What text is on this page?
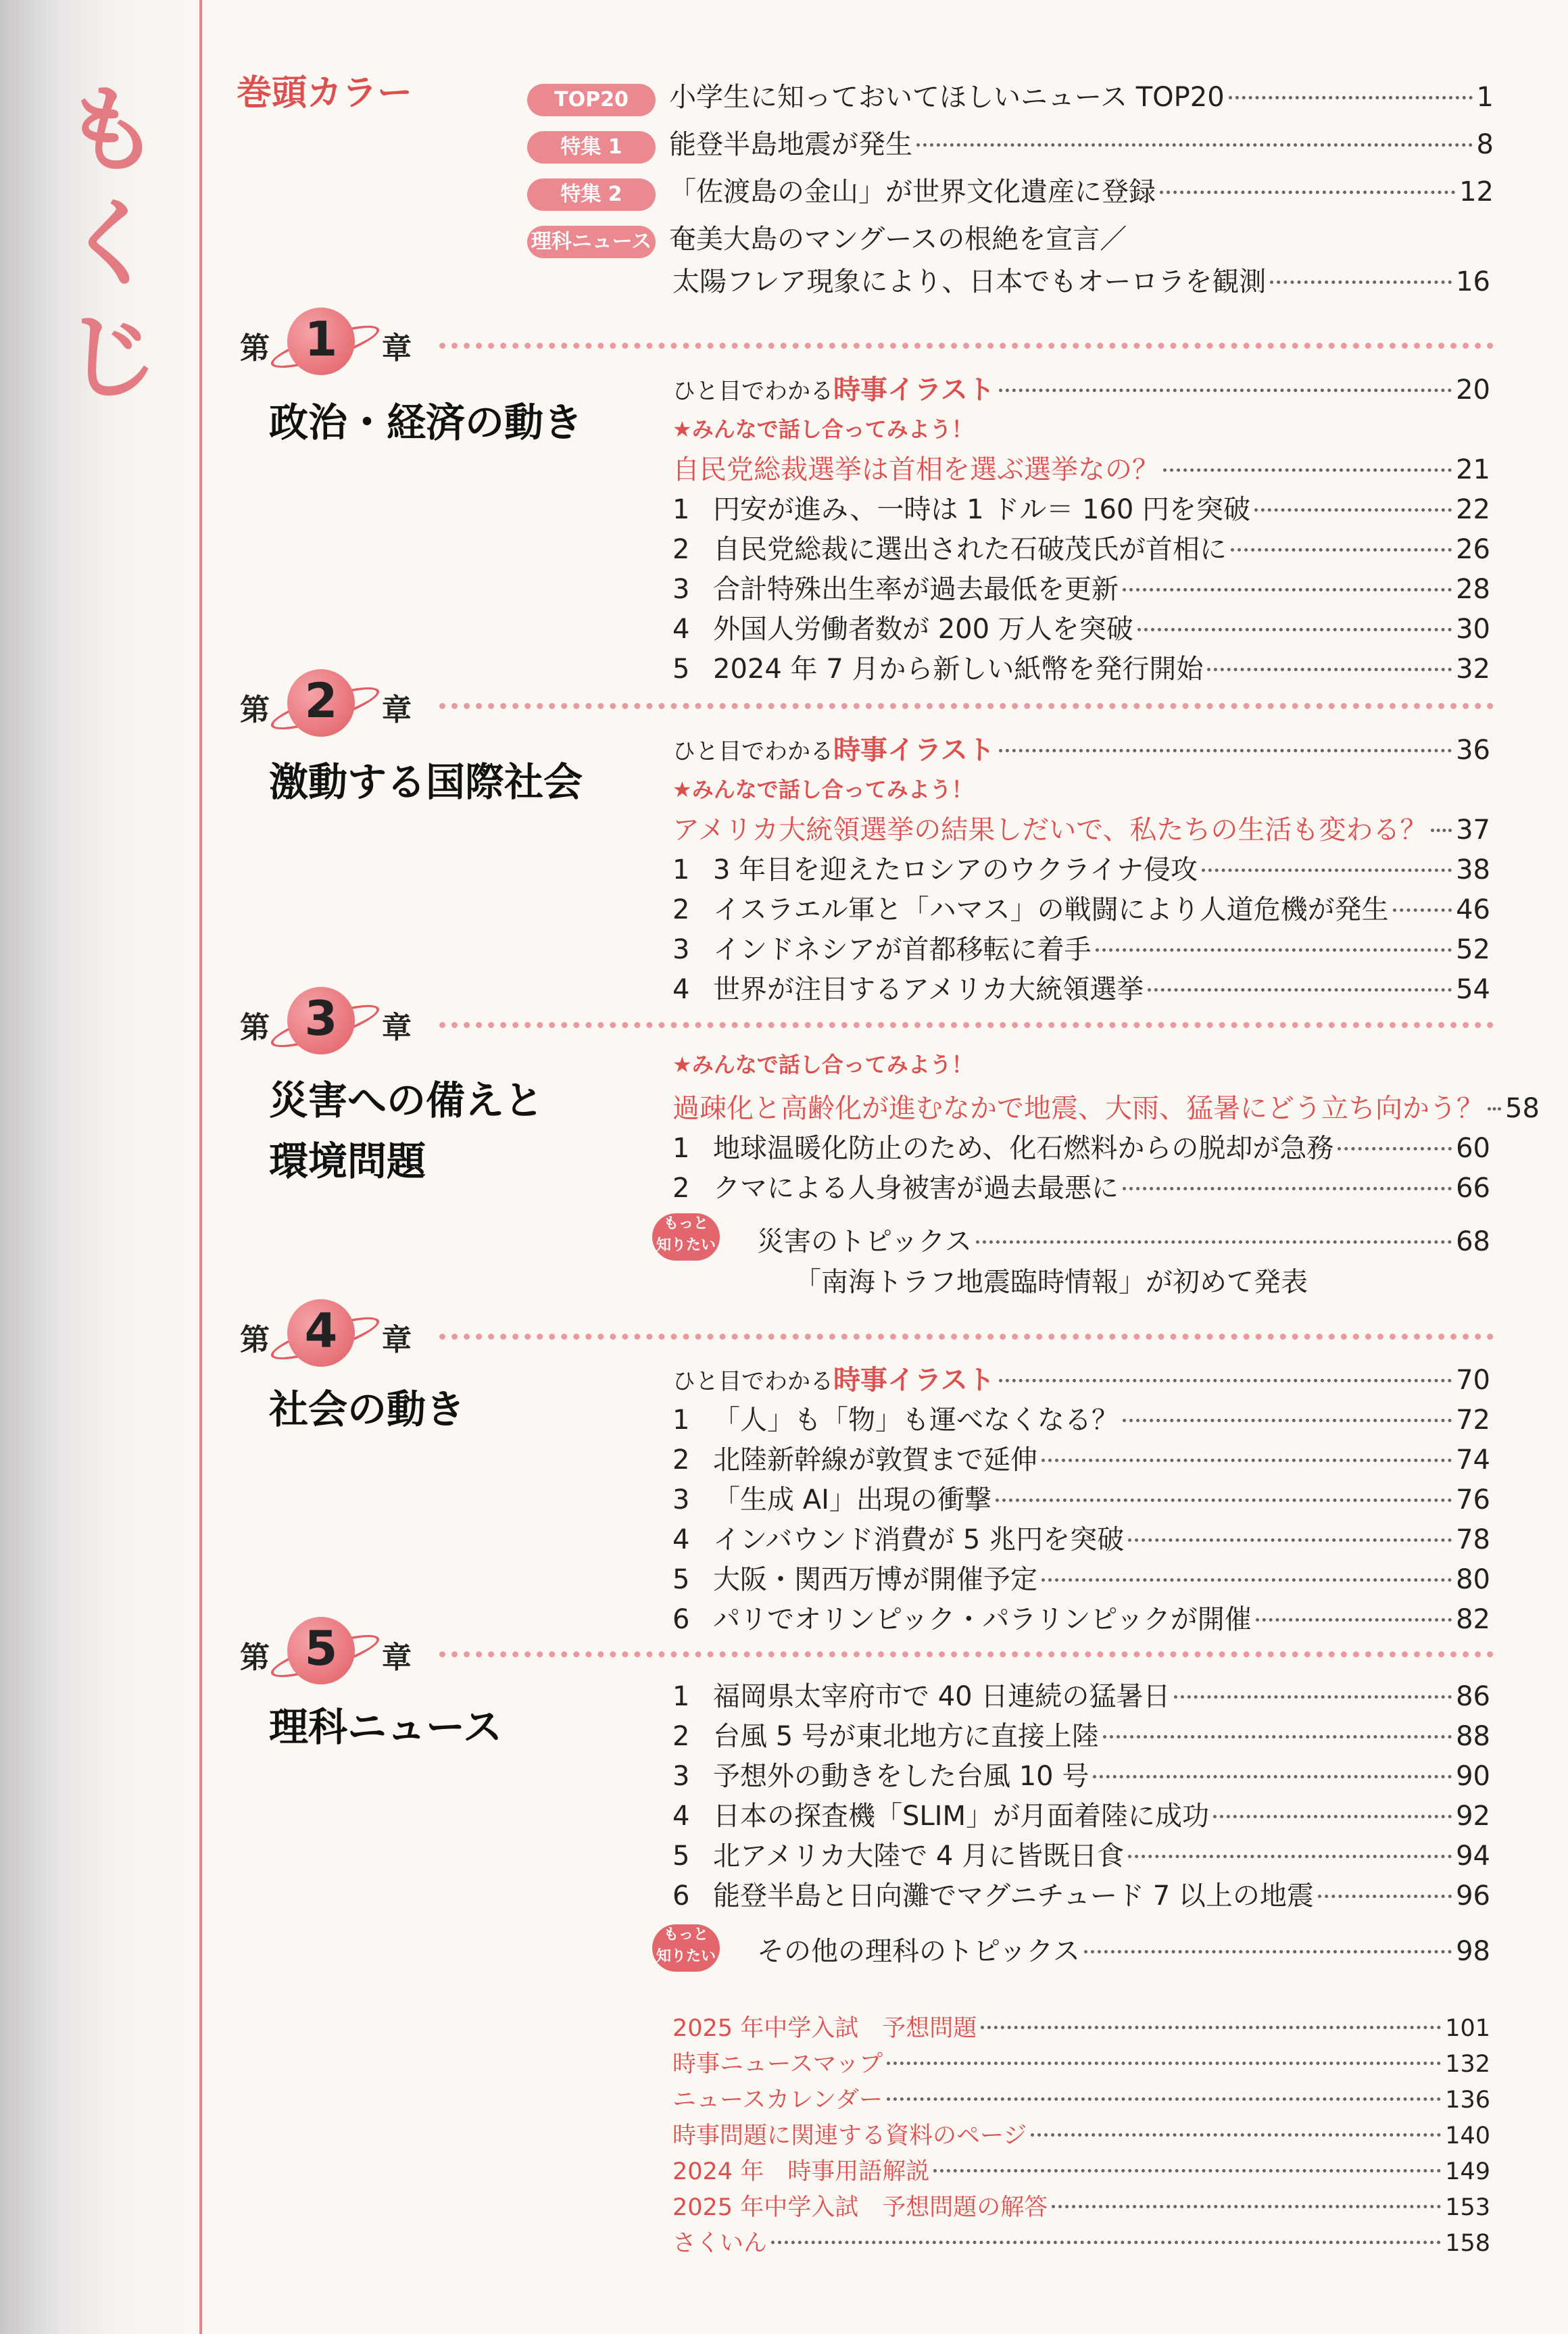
も
く
じ
巻頭カラー	TOP20	小学生に知っておいてほしいニュース TOP20	1
特集 1	能登半島地震が発生	8
特集 2	「佐渡島の金山」が世界文化遺産に登録	12
理科ニュース 奄美大島のマングースの根絶を宣言／
太陽フレア現象により、日本でもオーロラを観測	16
第 1	章
政治・経済の動き
ひと目でわかる 時事イラスト	20
★みんなで話し合ってみよう！
自民党総裁選挙は首相を選ぶ選挙なの？	21
1 円安が進み、一時は 1 ドル＝ 160 円を突破	22
2 自民党総裁に選出された石破茂氏が首相に	26
3 合計特殊出生率が過去最低を更新	28
4 外国人労働者数が 200 万人を突破	30
5 2024 年 7 月から新しい紙幣を発行開始	32
第 2	章
激動する国際社会
ひと目でわかる 時事イラスト	36
★みんなで話し合ってみよう！
アメリカ大統領選挙の結果しだいで、私たちの生活も変わる？ 37
1 3 年目を迎えたロシアのウクライナ侵攻	38
2 イスラエル軍と「ハマス」の戦闘により人道危機が発生 46
3 インドネシアが首都移転に着手	52
4 世界が注目するアメリカ大統領選挙	54
第 3	章
災害への備えと
環境問題
★みんなで話し合ってみよう！
過疎化と高齢化が進むなかで地震、大雨、猛暑にどう立ち向かう？ 58
1 地球温暖化防止のため、化石燃料からの脱却が急務	60
2 クマによる人身被害が過去最悪に	66
もっと
知りたい 災害のトピックス	68
「南海トラフ地震臨時情報」が初めて発表
第 4	章
社会の動き
ひと目でわかる 時事イラスト	70
1 「人」も「物」も運べなくなる？	72
2 北陸新幹線が敦賀まで延伸	74
3 「生成 AI」出現の衝撃	76
4 インバウンド消費が 5 兆円を突破	78
5 大阪・関西万博が開催予定	80
6 パリでオリンピック・パラリンピックが開催	82
第 5	章
理科ニュース
1 福岡県太宰府市で 40 日連続の猛暑日	86
2 台風 5 号が東北地方に直接上陸	88
3 予想外の動きをした台風 10 号	90
4 日本の探査機「SLIM」が月面着陸に成功	92
5 北アメリカ大陸で 4 月に皆既日食	94
6 能登半島と日向灘でマグニチュード 7 以上の地震	96
もっと
知りたい その他の理科のトピックス	98
2025 年中学入試　予想問題	101
時事ニュースマップ	132
ニュースカレンダー	136
時事問題に関連する資料のページ	140
2024 年　時事用語解説	149
2025 年中学入試　予想問題の解答	153
さくいん	158
